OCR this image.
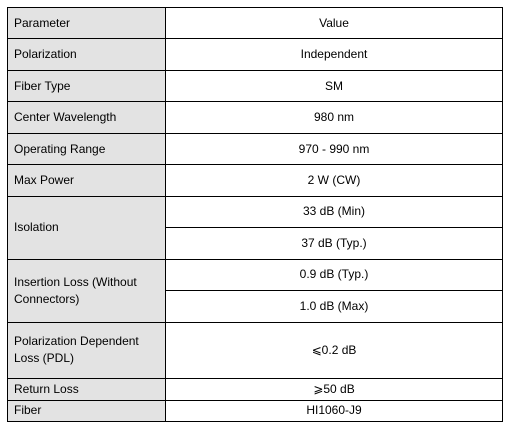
Parameter	Value
Polarization	Independent
Fiber Type	SM
Center Wavelength	980 nm
Operating Range	970 - 990 nm
Max Power	2 W (CW)
Isolation	33 dB (Min)
	37 dB (Typ.)
Insertion Loss (Without Connectors)	0.9 dB (Typ.)
	1.0 dB (Max)
Polarization Dependent Loss (PDL)	⩽0.2 dB
Return Loss	⩾50 dB
Fiber	HI1060-J9
